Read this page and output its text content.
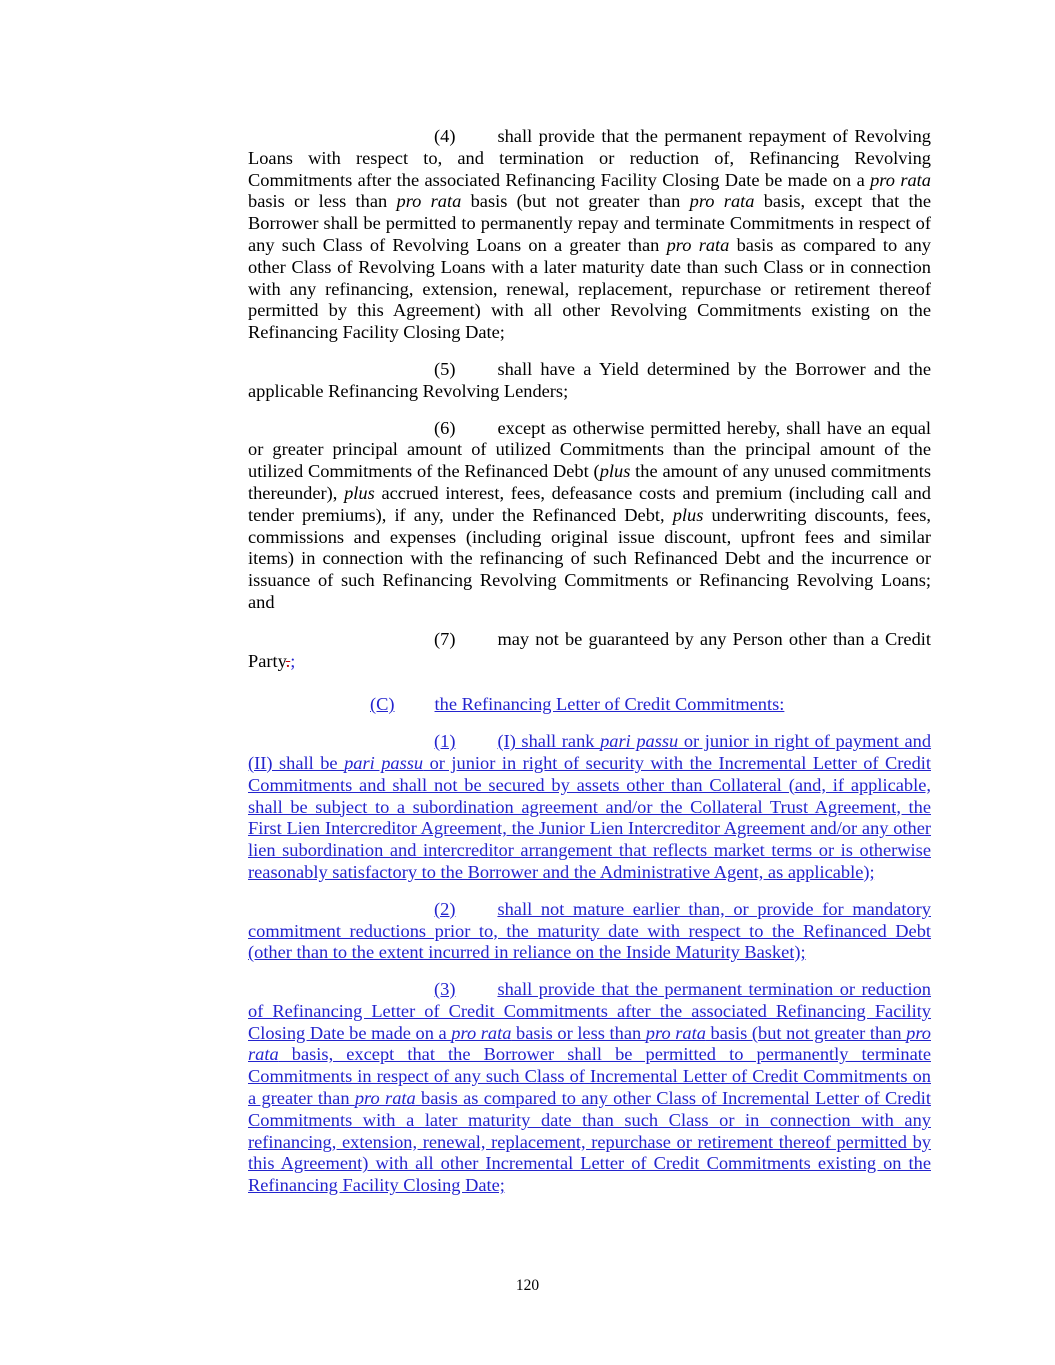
(4) shall provide that the permanent repayment of Revolving Loans with respect to, and termination or reduction of, Refinancing Revolving Commitments after the associated Refinancing Facility Closing Date be made on a pro rata basis or less than pro rata basis (but not greater than pro rata basis, except that the Borrower shall be permitted to permanently repay and terminate Commitments in respect of any such Class of Revolving Loans on a greater than pro rata basis as compared to any other Class of Revolving Loans with a later maturity date than such Class or in connection with any refinancing, extension, renewal, replacement, repurchase or retirement thereof permitted by this Agreement) with all other Revolving Commitments existing on the Refinancing Facility Closing Date;

(5) shall have a Yield determined by the Borrower and the applicable Refinancing Revolving Lenders;

(6) except as otherwise permitted hereby, shall have an equal or greater principal amount of utilized Commitments than the principal amount of the utilized Commitments of the Refinanced Debt (plus the amount of any unused commitments thereunder), plus accrued interest, fees, defeasance costs and premium (including call and tender premiums), if any, under the Refinanced Debt, plus underwriting discounts, fees, commissions and expenses (including original issue discount, upfront fees and similar items) in connection with the refinancing of such Refinanced Debt and the incurrence or issuance of such Refinancing Revolving Commitments or Refinancing Revolving Loans; and

(7) may not be guaranteed by any Person other than a Credit Party.;

(C) the Refinancing Letter of Credit Commitments:

(1) (I) shall rank pari passu or junior in right of payment and (II) shall be pari passu or junior in right of security with the Incremental Letter of Credit Commitments and shall not be secured by assets other than Collateral (and, if applicable, shall be subject to a subordination agreement and/or the Collateral Trust Agreement, the First Lien Intercreditor Agreement, the Junior Lien Intercreditor Agreement and/or any other lien subordination and intercreditor arrangement that reflects market terms or is otherwise reasonably satisfactory to the Borrower and the Administrative Agent, as applicable);

(2) shall not mature earlier than, or provide for mandatory commitment reductions prior to, the maturity date with respect to the Refinanced Debt (other than to the extent incurred in reliance on the Inside Maturity Basket);

(3) shall provide that the permanent termination or reduction of Refinancing Letter of Credit Commitments after the associated Refinancing Facility Closing Date be made on a pro rata basis or less than pro rata basis (but not greater than pro rata basis, except that the Borrower shall be permitted to permanently terminate Commitments in respect of any such Class of Incremental Letter of Credit Commitments on a greater than pro rata basis as compared to any other Class of Incremental Letter of Credit Commitments with a later maturity date than such Class or in connection with any refinancing, extension, renewal, replacement, repurchase or retirement thereof permitted by this Agreement) with all other Incremental Letter of Credit Commitments existing on the Refinancing Facility Closing Date;

120
